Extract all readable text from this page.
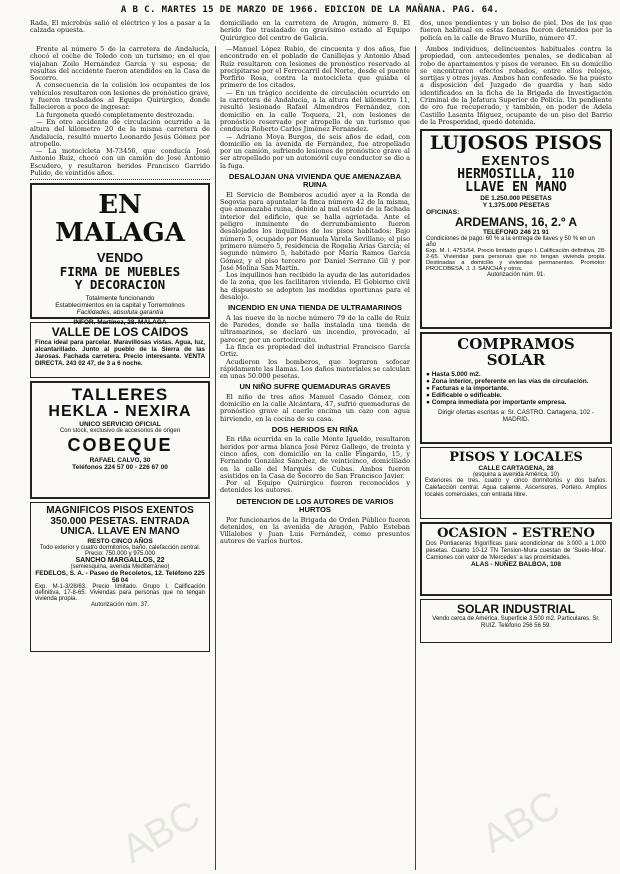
A B C. MARTES 15 DE MARZO DE 1966. EDICION DE LA MAÑANA. PAG. 64.
ABC	ABC
Rada, El microbús salió el eléctrico y los a pasar a la calzada opuesta.
domiciliado en la carretera de Aragón, número 8. El herido fue trasladado en gravísimo estado al Equipo Quirúrgico del centro de Galicia.
dos, unos pendientes y un bolso de piel. Dos de los que fueron habitual en estas faenas fueron detenidos por la policía en la calle de Bravo Murillo, número 47.

Frente al número 5 de la carretera de Andalucía, chocó el coche de Toledo con un turismo; en el que viajaban Zoilo Hernández García y su esposa; de resultas del accidente fueron atendidos en la Casa de Socorro.

A consecuencia de la colisión los ocupantes de los vehículos resultaron con lesiones de pronóstico grave, y fueron trasladados al Equipo Quirúrgico, donde fallecieron a poco de ingresar.

La furgoneta quedó completamente destrozada.

— En otro accidente de circulación ocurrido a la altura del kilómetro 20 de la misma carretera de Andalucía, resultó muerto Leonardo Jesús Gómez por atropello.

— La motocicleta M-73456, que conducía José Antonio Ruiz, chocó con un camión de José Antonio Escudero, y resultaron heridos Francisco Garrido Pulido, de veintidós años.

EN MALAGA
VENDO
FIRMA DE MUEBLES
Y DECORACION
Totalmente funcionando
Establecimientos en la capital y Torremolinos
Facilidades, absoluta garantía
INFOR. Martínez, 28. MALAGA
VALLE DE LOS CAIDOS

Finca ideal para parcelar. Maravillosas vistas. Agua, luz, alcantarillado. Junto al pueblo de la Sierra de las Jarosas. Fachada carretera. Precio interesante. VENTA DIRECTA. 243 02 47, de 3 a 6 noche.

TALLERES
HEKLA - NEXIRA
UNICO SERVICIO OFICIAL
Con stock, exclusivo de accesorios de origen
COBEQUE
RAFAEL CALVO, 30
Teléfonos 224 57 00 - 226 67 00
MAGNIFICOS PISOS EXENTOS
350.000 PESETAS. ENTRADA
UNICA. LLAVE EN MANO
RESTO CINCO AÑOS
Todo exterior y cuatro dormitorios, baño, calefacción central. Precio: 750.000 y 975.000
SANCHO MARGALLOS, 22
(semiesquina, avenida Mediterráneo)
FEDELOS, S. A. - Paseo de Recoletos, 12. Teléfono 225 58 04
Exp. M-1-3/28/63. Precio limitado. Grupo I. Calificación definitiva, 17-8-65. Viviendas para personas que no tengan vivienda propia.
Autorización núm. 37.

—Manuel López Rubio, de cincuenta y dos años, fue encontrado en el poblado de Canillejas y Antonio Abad Ruiz resultaron con lesiones de pronóstico reservado al precipitarse por el Ferrocarril del Norte, desde el puente Porfirio Rosa, contra la motocicleta que guiaba el primero de los citados.

— En un trágico accidente de circulación ocurrido en la carretera de Andalucía, a la altura del kilómetro 11, resultó lesionado Rafael Almendros Fernández, con domicilio en la calle Toquera, 21, con lesiones de pronóstico reservado por atropello de un turismo que conducía Roberto Carlos Jiménez Fernández.

— Adriano Moya Burgos, de seis años de edad, con domicilio en la avenida de Fernández, fue atropellado por un camión, sufriendo lesiones de pronóstico grave al ser atropellado por un automóvil cuyo conductor se dio a la fuga.

DESALOJAN UNA VIVIENDA QUE AMENAZABA RUINA

El Servicio de Bomberos acudió ayer a la Ronda de Segovia para apuntalar la finca número 42 de la misma, que amenazaba ruina, debido al mal estado de la fachada interior del edificio, que se halla agrietada. Ante el peligro inminente de derrumbamiento fueron desalojados los inquilinos de los pisos habitados: Bajo número 5, ocupado por Manuela Varela Sevillano; el piso primero número 5, residencia de Rogelia Arias García; el segundo número 5, habitado por María Ramos García Gómez, y el piso tercero por Daniel Serrano Gil y por José Molina San Martín.

Los inquilinos han recibido la ayuda de las autoridades de la zona, que les facilitaron vivienda. El Gobierno civil ha dispuesto se adopten las medidas oportunas para el desalojo.

INCENDIO EN UNA TIENDA DE ULTRAMARINOS

A las nueve de la noche número 79 de la calle de Ruiz de Paredes, donde se halla instalada una tienda de ultramarinos, se declaró un incendio, provocado, al parecer, por un cortocircuito.

La finca es propiedad del industrial Francisco García Ortiz.

Acudieron los bomberos, que lograron sofocar rápidamente las llamas. Los daños materiales se calculan en unas 50.000 pesetas.

UN NIÑO SUFRE QUEMADURAS GRAVES

El niño de tres años Manuel Casado Gómez, con domicilio en la calle Alcántara, 47, sufrió quemaduras de pronóstico grave al caerle encima un cazo con agua hirviendo, en la cocina de su casa.

DOS HERIDOS EN RIÑA

En riña ocurrida en la calle Monte Igueldo, resultaron heridos por arma blanca José Pérez Gallego, de treinta y cinco años, con domicilio en la calle Fingardo, 15, y Fernando González Sánchez, de veinticinco, domiciliado en la calle del Marqués de Cubas. Ambos fueron asistidos en la Casa de Socorro de San Francisco Javier.

Por el Equipo Quirúrgico fueron reconocidos y detenidos los autores.

DETENCION DE LOS AUTORES DE VARIOS HURTOS

Por funcionarios de la Brigada de Orden Público fueron detenidos, en la avenida de Aragón, Pablo Esteban Villalobos y Juan Luis Fernández, como presuntos autores de varios hurtos.

Ambos individuos, delincuentes habituales contra la propiedad, con antecedentes penales, se dedicaban al robo de apartamentos y pisos de veraneo. En su domicilio se encontraron efectos robados, entre ellos relojes, sortijas y otras joyas. Ambos han confesado. Se ha puesto a disposición del Juzgado de guardia y han sido identificados en la ficha de la Brigada de Investigación Criminal de la Jefatura Superior de Policía. Un pendiente de oro fue recuperado, y también, en poder de Adela Castillo Lasanta Iñiguez, ocupante de un piso del Barrio de la Prosperidad, quedó detenida.

LUJOSOS PISOS
EXENTOS
HERMOSILLA, 110
LLAVE EN MANO
DE 1.250.000 PESETAS
Y 1.375.000 PESETAS
OFICINAS:
ARDEMANS, 16, 2.º A
TELEFONO 246 21 91
Condiciones de pago: 60 % a la entrega de llaves y 50 % en un año
Exp. M. I. 4751/64. Precio limitado grupo I. Calificación definitiva, 28-2-65. Viviendas para personas que no tengan vivienda propia. Destinadas a domicilio y viviendas permanentes. Promotor: PROCOBESA. J. J. SANCHA y otros.
Autorización núm. 91.
COMPRAMOS SOLAR
● Hasta 5.000 m2.
● Zona interior, preferente en las vías de circulación.
● Facturas e la importante.
● Edificable o edificable.
● Compra inmediata por importante empresa.
Dirigir ofertas escritas a: Sr. CASTRO. Cartagena, 102 - MADRID.
PISOS Y LOCALES
CALLE CARTAGENA, 28
(esquina a avenida América, 10)

Exteriores de tres, cuatro y cinco dormitorios y dos baños. Calefacción central. Agua caliente. Ascensores. Portero. Amplios locales comerciales, con entrada libre.

OCASION - ESTRENO

Dos Pontiaceras frigoríficas para acondicionar de 3.000 a 1.000 pesetas. Cuarto 10-12 TN Tension-Mura cuestan de 'Suelo-Moa'. Camiones con valor de 'Mercedes' a las proximidades.

ALAS - NUÑEZ BALBOA, 108
SOLAR INDUSTRIAL

Vendo cerca de América. Superficie 3.500 m2. Particulares. Sr. RUIZ. Teléfono 256 56 59.
